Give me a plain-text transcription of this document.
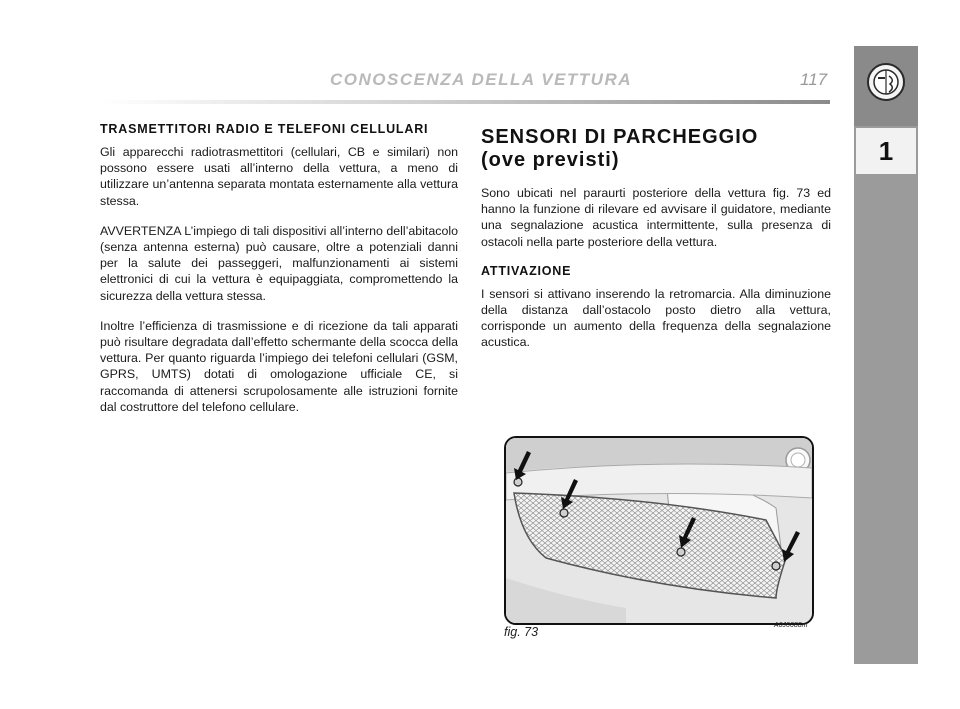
CONOSCENZA DELLA VETTURA	117
1
TRASMETTITORI RADIO E TELEFONI CELLULARI

Gli apparecchi radiotrasmettitori (cellulari, CB e similari) non possono essere usati all’interno della vettura, a meno di utilizzare un’antenna separata montata esternamente alla vettura stessa.

AVVERTENZA L’impiego di tali dispositivi all’interno dell’abitacolo (senza antenna esterna) può causare, oltre a potenziali danni per la salute dei passeggeri, malfunzionamenti ai sistemi elettronici di cui la vettura è equipaggiata, compromettendo la sicurezza della vettura stessa.

Inoltre l’efficienza di trasmissione e di ricezione da tali apparati può risultare degradata dall’effetto schermante della scocca della vettura. Per quanto riguarda l’impiego dei telefoni cellulari (GSM, GPRS, UMTS) dotati di omologazione ufficiale CE, si raccomanda di attenersi scrupolosamente alle istruzioni fornite dal costruttore del telefono cellulare.

SENSORI DI PARCHEGGIO
(ove previsti)

Sono ubicati nel paraurti posteriore della vettura fig. 73 ed hanno la funzione di rilevare ed avvisare il guidatore, mediante una segnalazione acustica intermittente, sulla presenza di ostacoli nella parte posteriore della vettura.

ATTIVAZIONE

I sensori si attivano inserendo la retromarcia. Alla diminuzione della distanza dall’ostacolo posto dietro alla vettura, corrisponde un aumento della frequenza della segnalazione acustica.

fig. 73	A0J0088m
